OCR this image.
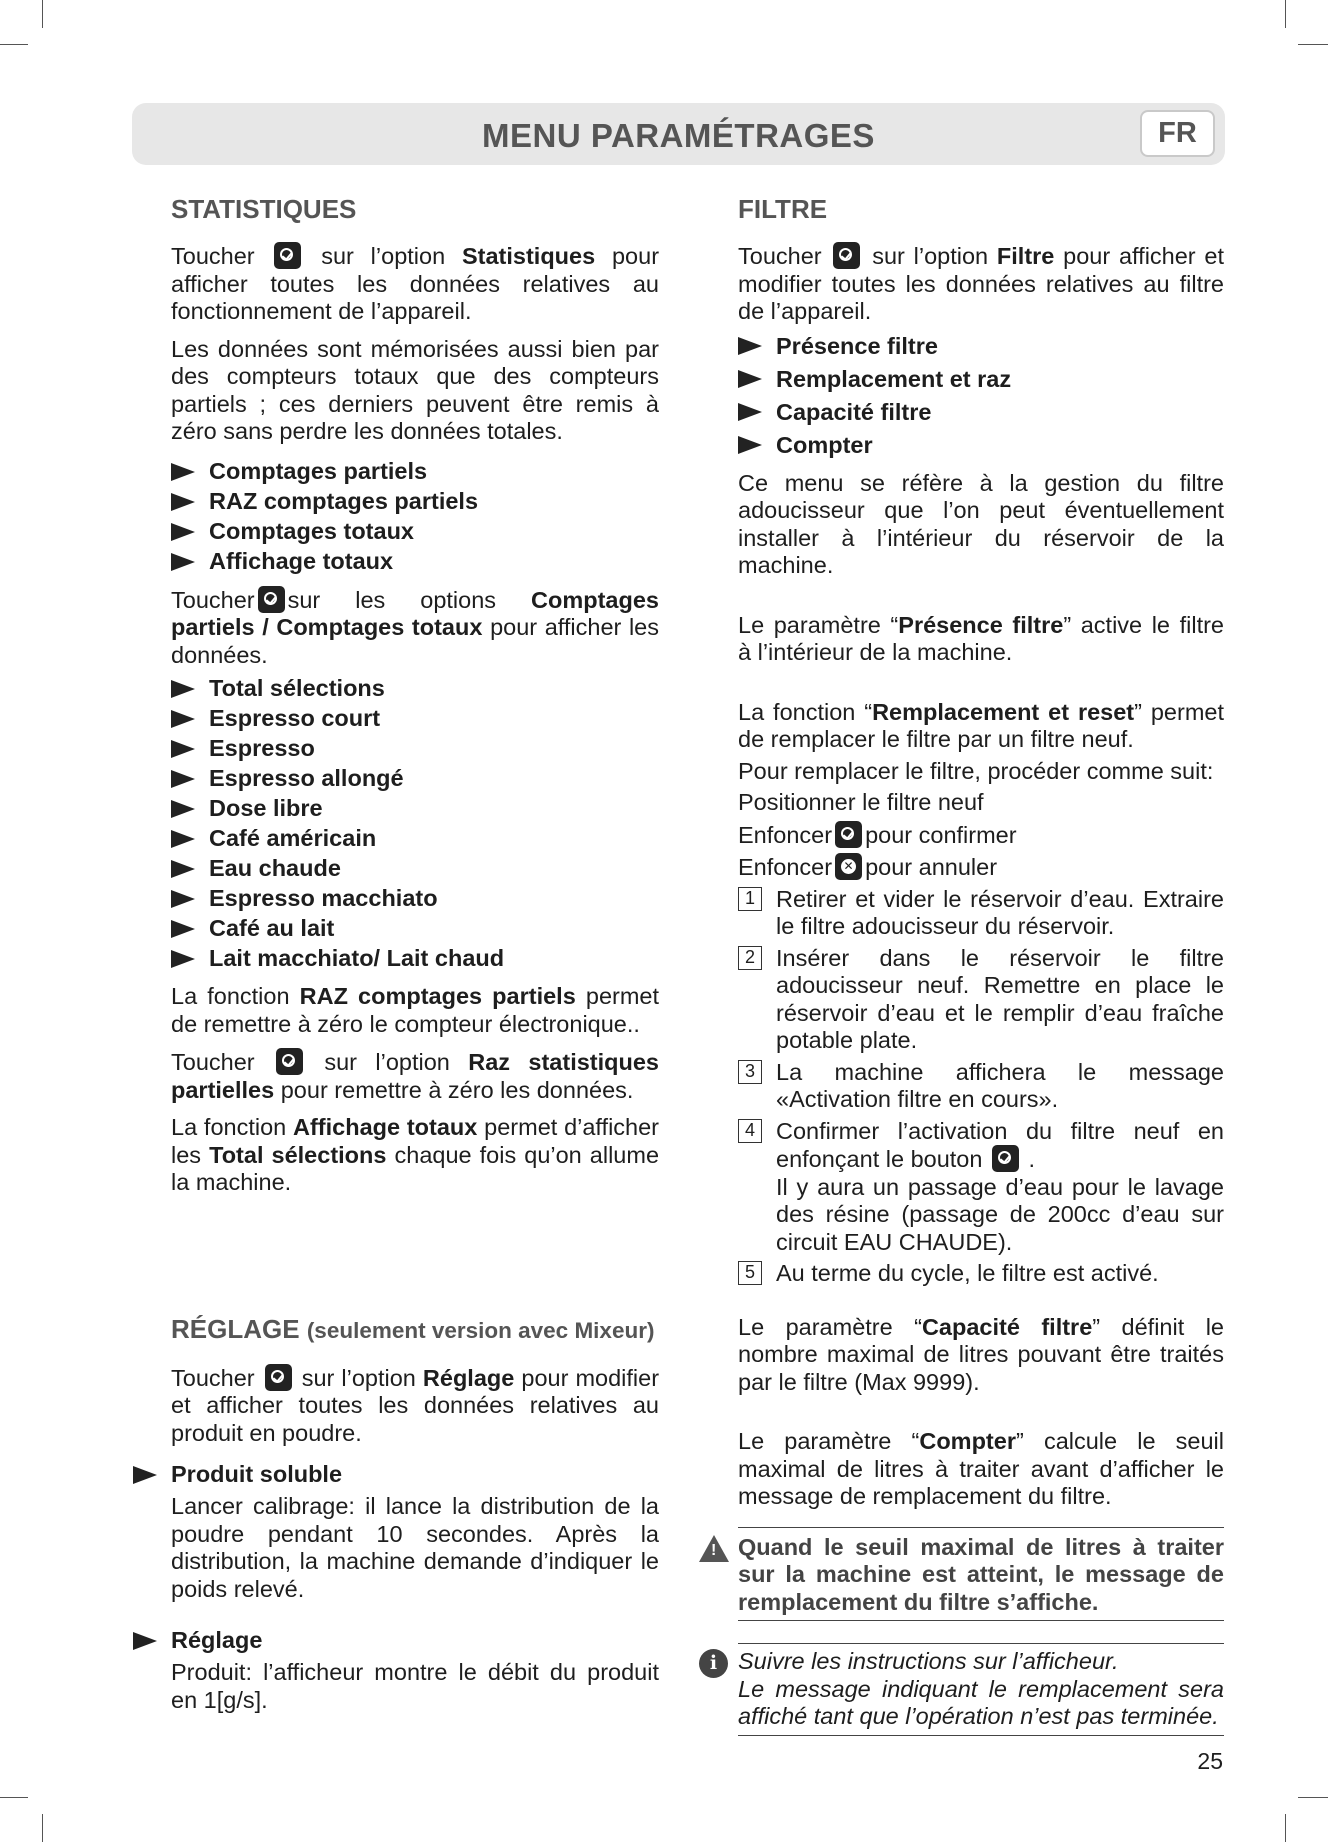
MENU PARAMÉTRAGES	FR
STATISTIQUES

Toucher	sur l’option Statistiques pour afficher toutes les données relatives au fonctionnement de l’appareil.

Les données sont mémorisées aussi bien par des compteurs totaux que des compteurs partiels ; ces derniers peuvent être remis à zéro sans perdre les données totales.

Comptages partiels
RAZ comptages partiels
Comptages totaux
Affichage totaux

Toucher sur les options Comptages partiels / Comptages totaux pour afficher les données.

Total sélections
Espresso court
Espresso
Espresso allongé
Dose libre
Café américain
Eau chaude
Espresso macchiato
Café au lait
Lait macchiato/ Lait chaud

La fonction RAZ comptages partiels permet de remettre à zéro le compteur électronique..

Toucher	sur l’option Raz statistiques partielles pour remettre à zéro les données.

La fonction Affichage totaux permet d’afficher les Total sélections chaque fois qu’on allume la machine.

RÉGLAGE (seulement version avec Mixeur)

Toucher sur l’option Réglage pour modifier et afficher toutes les données relatives au produit en poudre.

Produit soluble

Lancer calibrage: il lance la distribution de la poudre pendant 10 secondes. Après la distribution, la machine demande d’indiquer le poids relevé.

Réglage

Produit: l’afficheur montre le débit du produit en 1[g/s].

FILTRE

Toucher sur l’option Filtre pour afficher et modifier toutes les données relatives au filtre de l’appareil.

Présence filtre
Remplacement et raz
Capacité filtre
Compter

Ce menu se réfère à la gestion du filtre adoucisseur que l’on peut éventuellement installer à l’intérieur du réservoir de la machine.

Le paramètre “Présence filtre” active le filtre à l’intérieur de la machine.

La fonction “Remplacement et reset” permet de remplacer le filtre par un filtre neuf.

Pour remplacer le filtre, procéder comme suit:

Positionner le filtre neuf

Enfoncer pour confirmer

Enfoncer✕ pour annuler

1 Retirer et vider le réservoir d’eau. Extraire le filtre adoucisseur du réservoir.
2 Insérer dans le réservoir le filtre adoucisseur neuf. Remettre en place le réservoir d’eau et le remplir d’eau fraîche potable plate.
3 La machine affichera le message «Activation filtre en cours».
4 Confirmer l’activation du filtre neuf en enfonçant le bouton .
Il y aura un passage d’eau pour le lavage des résine (passage de 200cc d’eau sur circuit EAU CHAUDE).
5 Au terme du cycle, le filtre est activé.

Le paramètre “Capacité filtre” définit le nombre maximal de litres pouvant être traités par le filtre (Max 9999).

Le paramètre “Compter” calcule le seuil maximal de litres à traiter avant d’afficher le message de remplacement du filtre.

!
Quand le seuil maximal de litres à traiter sur la machine est atteint, le message de remplacement du filtre s’affiche.
i Suivre les instructions sur l’afficheur.
Le message indiquant le remplacement sera affiché tant que l’opération n’est pas terminée.
25
